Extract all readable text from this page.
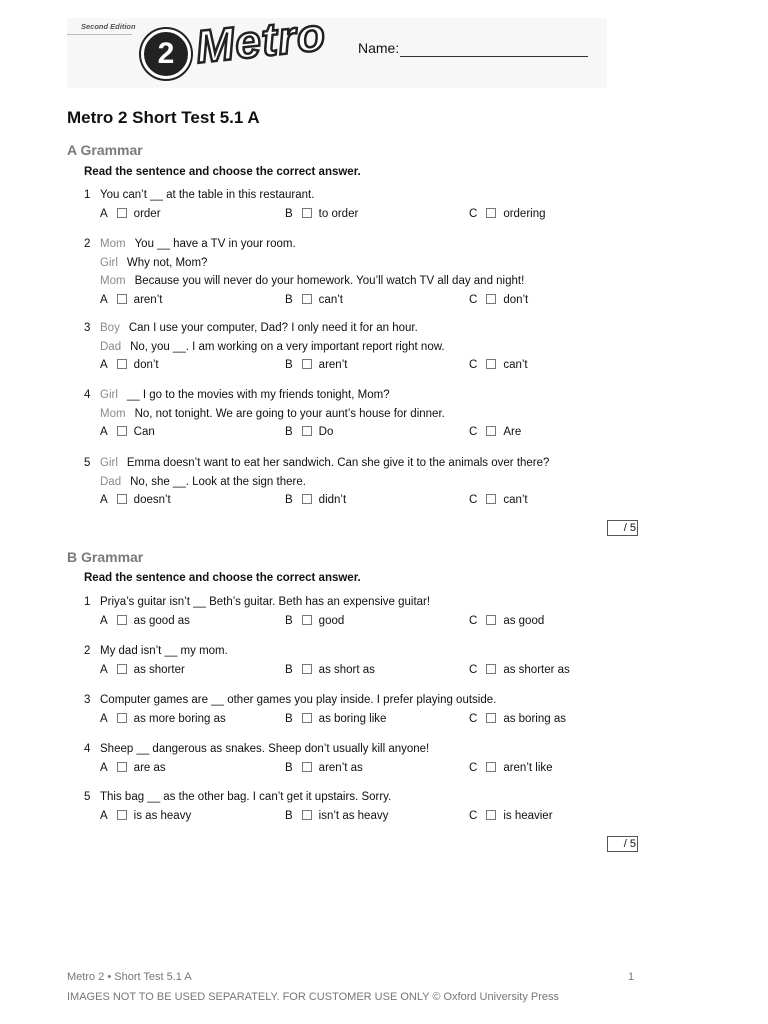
Second Edition
2 Metro Name:
Metro 2 Short Test 5.1 A
A Grammar
Read the sentence and choose the correct answer.
1 You can’t __ at the table in this restaurant.
A order	B to order	C ordering
2 Mom You __ have a TV in your room.
Girl Why not, Mom?
Mom Because you will never do your homework. You’ll watch TV all day and night!
A aren’t	B can’t	C don’t
3 Boy Can I use your computer, Dad? I only need it for an hour.
Dad No, you __. I am working on a very important report right now.
A don’t	B aren’t	C can’t
4 Girl __ I go to the movies with my friends tonight, Mom?
Mom No, not tonight. We are going to your aunt’s house for dinner.
A Can	B Do	C Are
5 Girl Emma doesn’t want to eat her sandwich. Can she give it to the animals over there?
Dad No, she __. Look at the sign there.
A doesn’t	B didn’t	C can’t
/ 5
B Grammar
Read the sentence and choose the correct answer.
1 Priya’s guitar isn’t __ Beth’s guitar. Beth has an expensive guitar!
A as good as	B good	C as good
2 My dad isn’t __ my mom.
A as shorter	B as short as	C as shorter as
3 Computer games are __ other games you play inside. I prefer playing outside.
A as more boring as	B as boring like	C as boring as
4 Sheep __ dangerous as snakes. Sheep don’t usually kill anyone!
A are as	B aren’t as	C aren’t like
5 This bag __ as the other bag. I can’t get it upstairs. Sorry.
A is as heavy	B isn’t as heavy	C is heavier
/ 5
Metro 2 • Short Test 5.1 A	1
IMAGES NOT TO BE USED SEPARATELY. FOR CUSTOMER USE ONLY © Oxford University Press
